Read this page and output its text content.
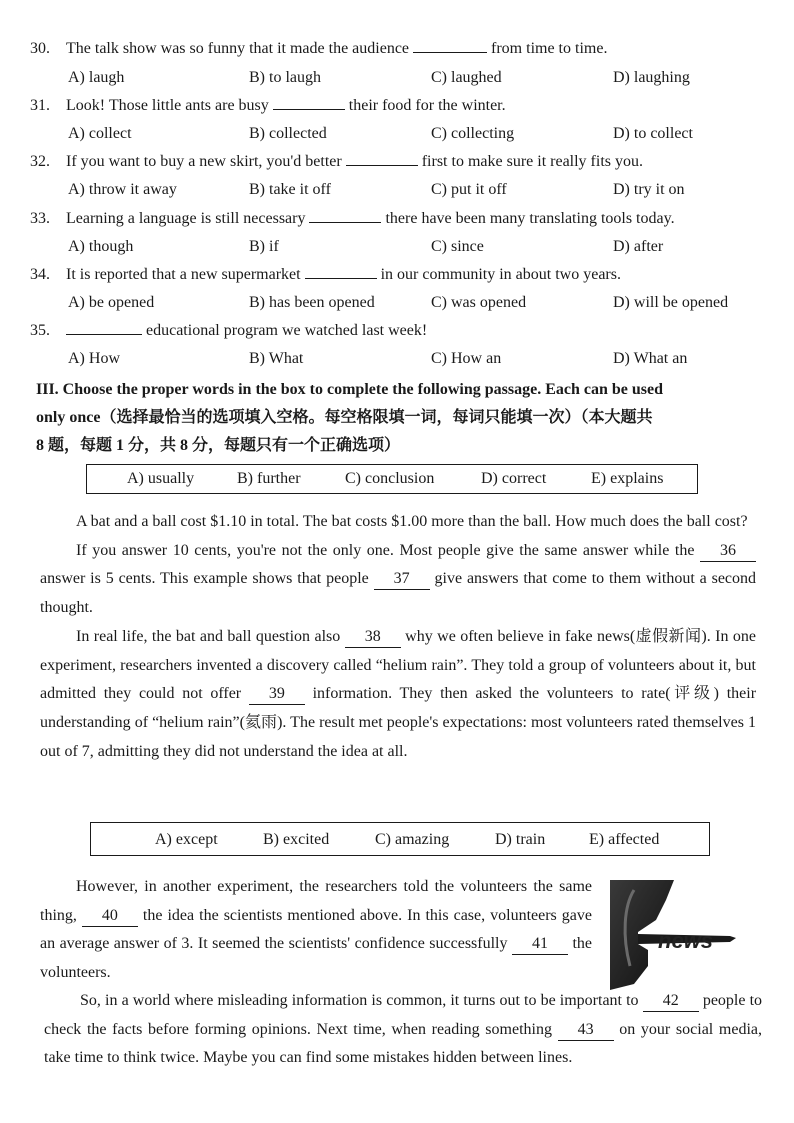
30. The talk show was so funny that it made the audience	from time to time.
A) laugh	B) to laugh	C) laughed	D) laughing
31. Look! Those little ants are busy	their food for the winter.
A) collect	B) collected	C) collecting	D) to collect
32. If you want to buy a new skirt, you'd better	first to make sure it really fits you.
A) throw it away	B) take it off	C) put it off	D) try it on
33. Learning a language is still necessary	there have been many translating tools today.
A) though	B) if	C) since	D) after
34. It is reported that a new supermarket	in our community in about two years.
A) be opened	B) has been opened	C) was opened	D) will be opened
35.	educational program we watched last week!
A) How	B) What	C) How an	D) What an
III. Choose the proper words in the box to complete the following passage. Each can be used
only once（选择最恰当的选项填入空格。每空格限填一词，每词只能填一次）（本大题共
8 题，每题 1 分，共 8 分，每题只有一个正确选项）
A) usually	B) further	C) conclusion	D) correct	E) explains

A bat and a ball cost $1.10 in total. The bat costs $1.00 more than the ball. How much does the ball cost?

If you answer 10 cents, you're not the only one. Most people give the same answer while the 36 answer is 5 cents. This example shows that people 37 give answers that come to them without a second thought.

In real life, the bat and ball question also 38 why we often believe in fake news(虚假新闻). In one experiment, researchers invented a discovery called “helium rain”. They told a group of volunteers about it, but admitted they could not offer 39 information. They then asked the volunteers to rate(评级) their understanding of “helium rain”(氦雨). The result met people's expectations: most volunteers rated themselves 1 out of 7, admitting they did not understand the idea at all.

A) except	B) excited	C) amazing	D) train	E) affected

However, in another experiment, the researchers told the volunteers the same thing, 40 the idea the scientists mentioned above. In this case, volunteers gave an average answer of 3. It seemed the scientists' confidence successfully 41 the volunteers.

news

So, in a world where misleading information is common, it turns out to be important to 42 people to check the facts before forming opinions. Next time, when reading something 43 on your social media, take time to think twice. Maybe you can find some mistakes hidden between lines.
